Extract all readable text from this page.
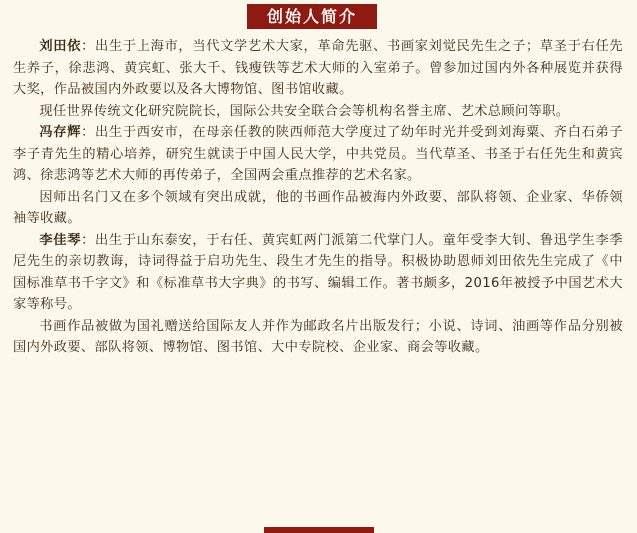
创始人简介

刘田依：出生于上海市，当代文学艺术大家，革命先驱、书画家刘觉民先生之子；草圣于右任先生养子，徐悲鸿、黄宾虹、张大千、钱瘦铁等艺术大师的入室弟子。曾参加过国内外各种展览并获得大奖，作品被国内外政要以及各大博物馆、图书馆收藏。

现任世界传统文化研究院院长，国际公共安全联合会等机构名誉主席、艺术总顾问等职。

冯存辉：出生于西安市，在母亲任教的陕西师范大学度过了幼年时光并受到刘海粟、齐白石弟子李子青先生的精心培养，研究生就读于中国人民大学，中共党员。当代草圣、书圣于右任先生和黄宾鸿、徐悲鸿等艺术大师的再传弟子，全国两会重点推荐的艺术名家。

因师出名门又在多个领域有突出成就，他的书画作品被海内外政要、部队将领、企业家、华侨领袖等收藏。

李佳琴：出生于山东泰安，于右任、黄宾虹两门派第二代掌门人。童年受李大钊、鲁迅学生李季尼先生的亲切教诲，诗词得益于启功先生、段生才先生的指导。积极协助恩师刘田依先生完成了《中国标准草书千字文》和《标准草书大字典》的书写、编辑工作。著书颇多，2016年被授予中国艺术大家等称号。

书画作品被做为国礼赠送给国际友人并作为邮政名片出版发行；小说、诗词、油画等作品分别被国内外政要、部队将领、博物馆、图书馆、大中专院校、企业家、商会等收藏。
